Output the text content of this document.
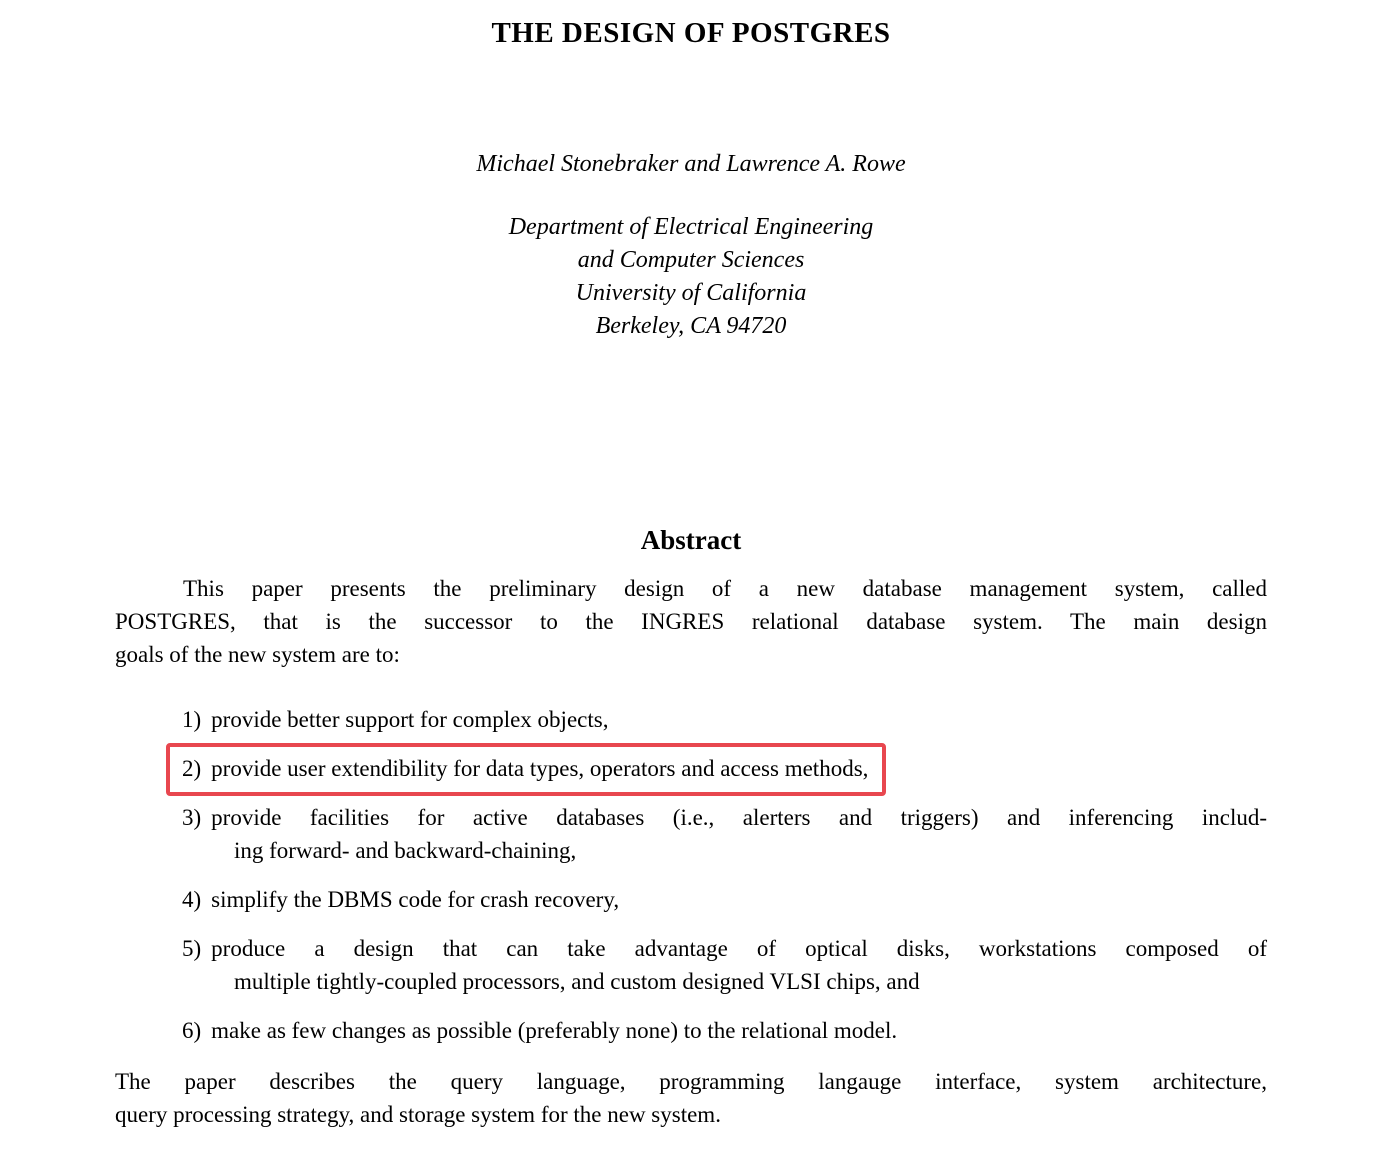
THE DESIGN OF POSTGRES
Michael Stonebraker and Lawrence A. Rowe
Department of Electrical Engineering
and Computer Sciences
University of California
Berkeley, CA 94720
Abstract
This paper presents the preliminary design of a new database management system, called
POSTGRES, that is the successor to the INGRES relational database system. The main design
goals of the new system are to:
1) provide better support for complex objects,
2) provide user extendibility for data types, operators and access methods,
3) provide facilities for active databases (i.e., alerters and triggers) and inferencing includ-
ing forward- and backward-chaining,
4) simplify the DBMS code for crash recovery,
5) produce a design that can take advantage of optical disks, workstations composed of
multiple tightly-coupled processors, and custom designed VLSI chips, and
6) make as few changes as possible (preferably none) to the relational model.
The paper describes the query language, programming langauge interface, system architecture,
query processing strategy, and storage system for the new system.
